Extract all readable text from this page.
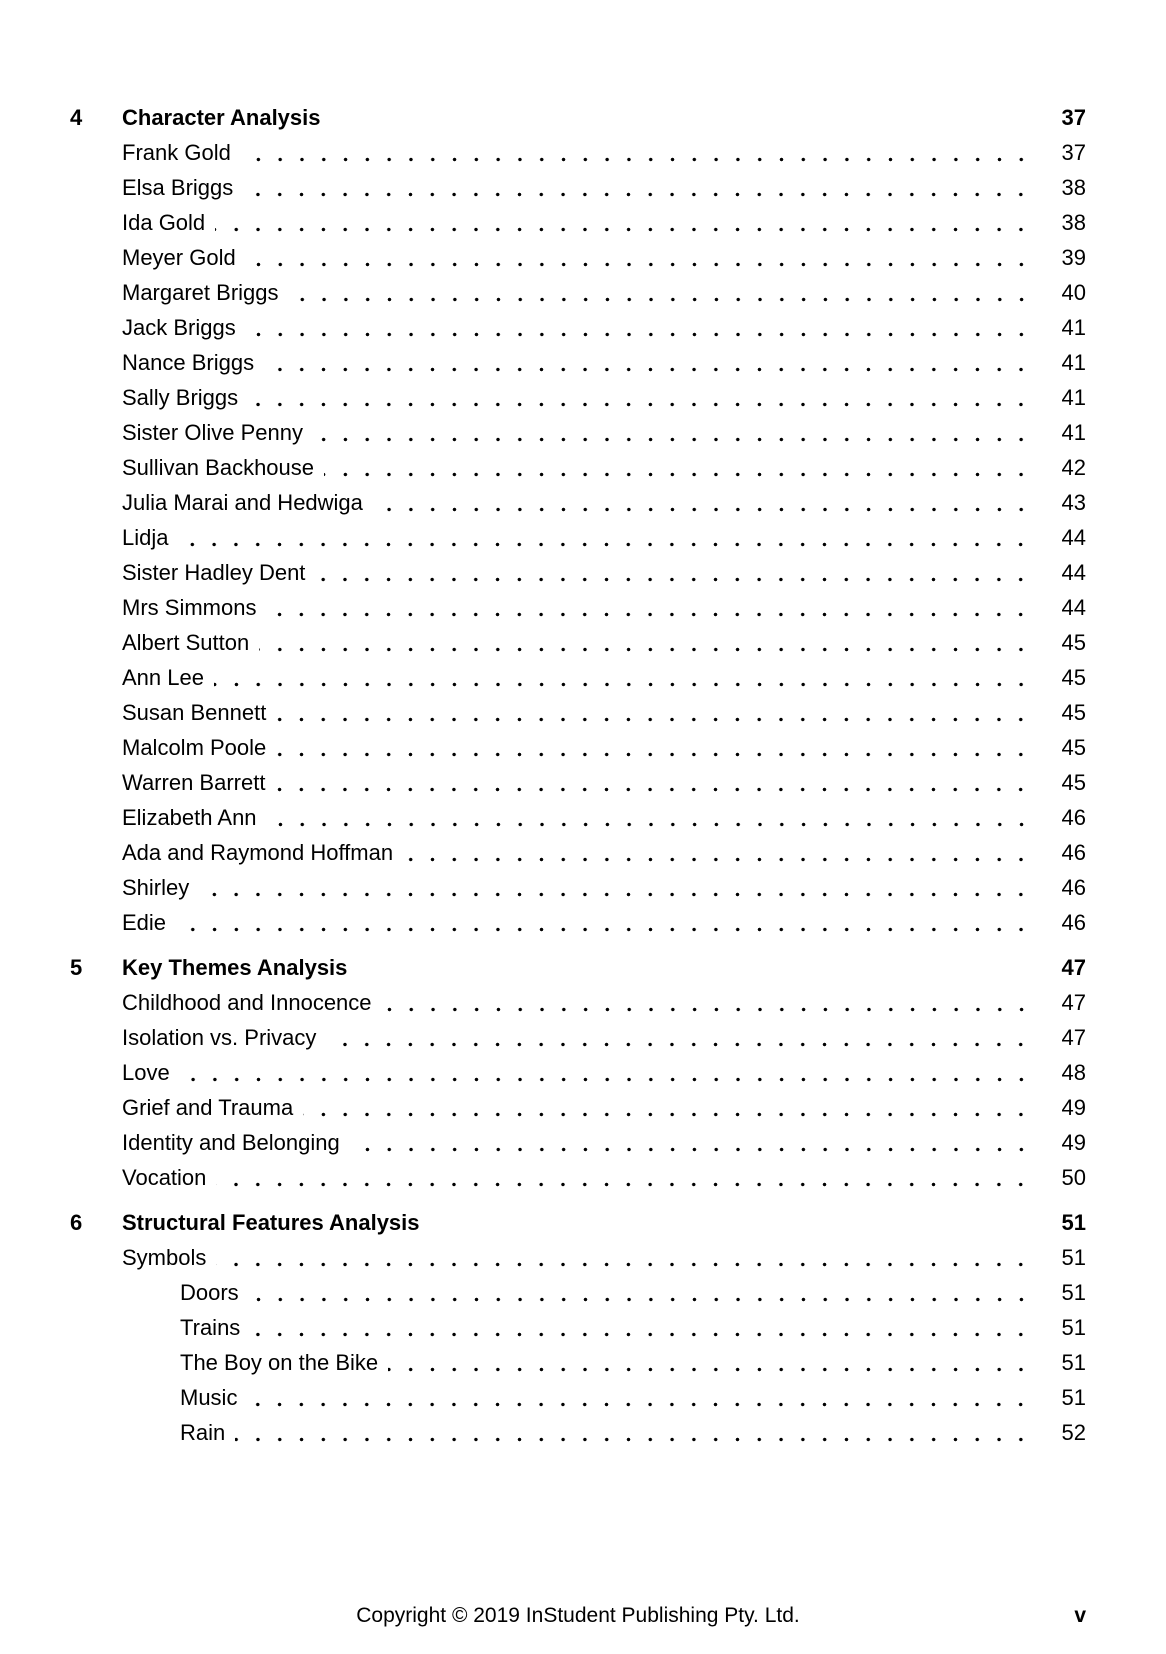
4	Character Analysis	37
Frank Gold	37
Elsa Briggs	38
Ida Gold	38
Meyer Gold	39
Margaret Briggs	40
Jack Briggs	41
Nance Briggs	41
Sally Briggs	41
Sister Olive Penny	41
Sullivan Backhouse	42
Julia Marai and Hedwiga	43
Lidja	44
Sister Hadley Dent	44
Mrs Simmons	44
Albert Sutton	45
Ann Lee	45
Susan Bennett	45
Malcolm Poole	45
Warren Barrett	45
Elizabeth Ann	46
Ada and Raymond Hoffman	46
Shirley	46
Edie	46
5	Key Themes Analysis	47
Childhood and Innocence	47
Isolation vs. Privacy	47
Love	48
Grief and Trauma	49
Identity and Belonging	49
Vocation	50
6	Structural Features Analysis	51
Symbols	51
Doors	51
Trains	51
The Boy on the Bike	51
Music	51
Rain	52
Copyright © 2019 InStudent Publishing Pty. Ltd.	v
